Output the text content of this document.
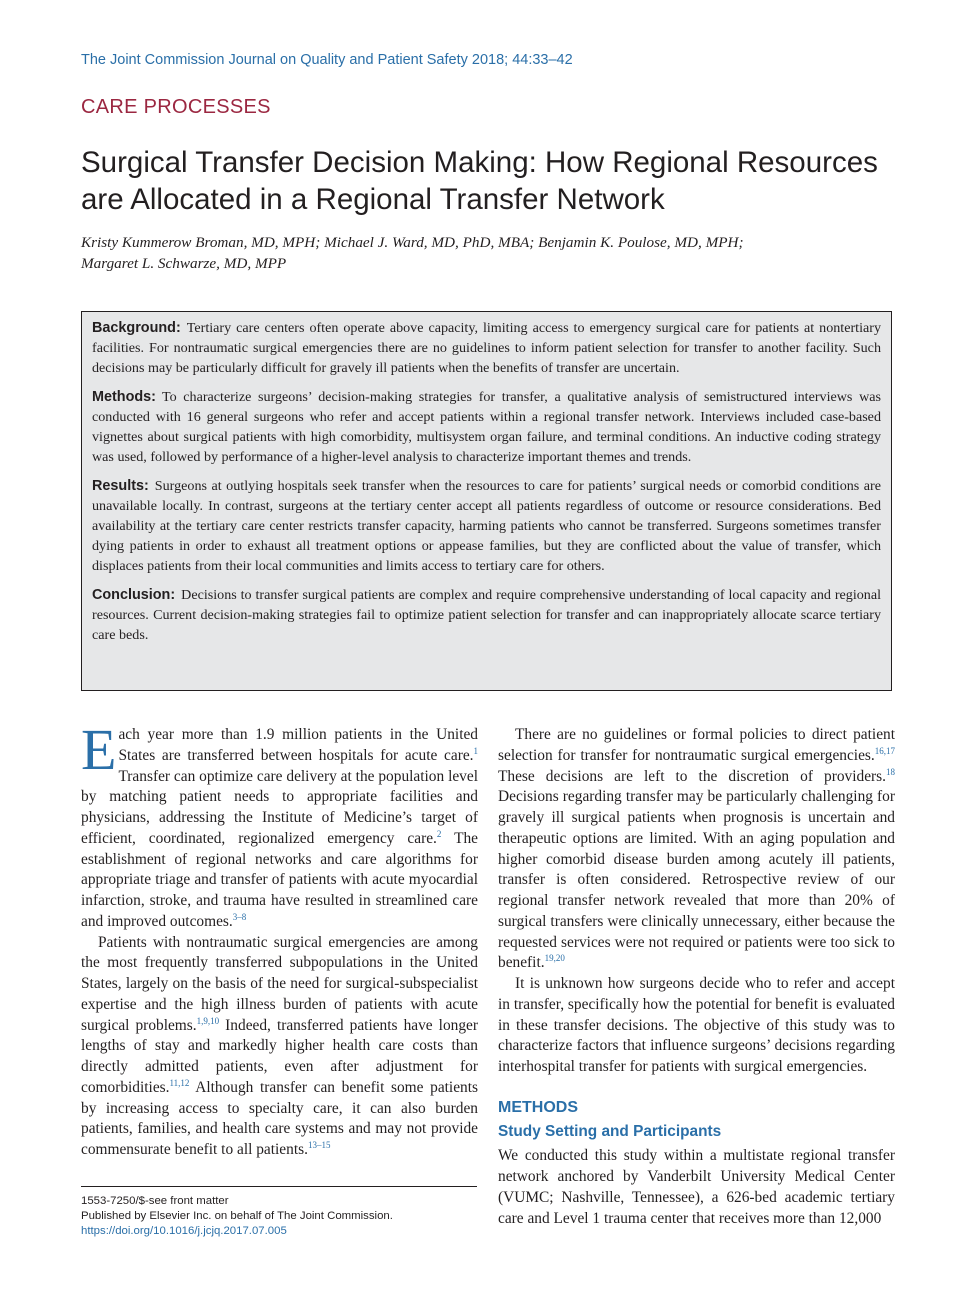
The Joint Commission Journal on Quality and Patient Safety 2018; 44:33–42
CARE PROCESSES
Surgical Transfer Decision Making: How Regional Resources are Allocated in a Regional Transfer Network

Kristy Kummerow Broman, MD, MPH; Michael J. Ward, MD, PhD, MBA; Benjamin K. Poulose, MD, MPH;
Margaret L. Schwarze, MD, MPP

Background: Tertiary care centers often operate above capacity, limiting access to emergency surgical care for patients at nontertiary facilities. For nontraumatic surgical emergencies there are no guidelines to inform patient selection for transfer to another facility. Such decisions may be particularly difficult for gravely ill patients when the benefits of transfer are uncertain.

Methods: To characterize surgeons’ decision-making strategies for transfer, a qualitative analysis of semistructured interviews was conducted with 16 general surgeons who refer and accept patients within a regional transfer network. Interviews included case-based vignettes about surgical patients with high comorbidity, multisystem organ failure, and terminal conditions. An inductive coding strategy was used, followed by performance of a higher-level analysis to characterize important themes and trends.

Results: Surgeons at outlying hospitals seek transfer when the resources to care for patients’ surgical needs or comorbid conditions are unavailable locally. In contrast, surgeons at the tertiary center accept all patients regardless of outcome or resource considerations. Bed availability at the tertiary care center restricts transfer capacity, harming patients who cannot be transferred. Surgeons sometimes transfer dying patients in order to exhaust all treatment options or appease families, but they are conflicted about the value of transfer, which displaces patients from their local communities and limits access to tertiary care for others.

Conclusion: Decisions to transfer surgical patients are complex and require comprehensive understanding of local capacity and regional resources. Current decision-making strategies fail to optimize patient selection for transfer and can inappropriately allocate scarce tertiary care beds.

Each year more than 1.9 million patients in the United States are transferred between hospitals for acute care.$^1$ Transfer can optimize care delivery at the population level by matching patient needs to appropriate facilities and physicians, addressing the Institute of Medicine’s target of efficient, coordinated, regionalized emergency care.$^2$ The establishment of regional networks and care algorithms for appropriate triage and transfer of patients with acute myocardial infarction, stroke, and trauma have resulted in streamlined care and improved outcomes.$^{3-8}$

Patients with nontraumatic surgical emergencies are among the most frequently transferred subpopulations in the United States, largely on the basis of the need for surgical-subspecialist expertise and the high illness burden of patients with acute surgical problems.$^{1,9,10}$ Indeed, transferred patients have longer lengths of stay and markedly higher health care costs than directly admitted patients, even after adjustment for comorbidities.$^{11,12}$ Although transfer can benefit some patients by increasing access to specialty care, it can also burden patients, families, and health care systems and may not provide commensurate benefit to all patients.$^{13-15}$

There are no guidelines or formal policies to direct patient selection for transfer for nontraumatic surgical emergencies.$^{16,17}$ These decisions are left to the discretion of providers.$^{18}$ Decisions regarding transfer may be particularly challenging for gravely ill surgical patients when prognosis is uncertain and therapeutic options are limited. With an aging population and higher comorbid disease burden among acutely ill patients, transfer is often considered. Retrospective review of our regional transfer network revealed that more than 20% of surgical transfers were clinically unnecessary, either because the requested services were not required or patients were too sick to benefit.$^{19,20}$

It is unknown how surgeons decide who to refer and accept in transfer, specifically how the potential for benefit is evaluated in these transfer decisions. The objective of this study was to characterize factors that influence surgeons’ decisions regarding interhospital transfer for patients with surgical emergencies.

METHODS
Study Setting and Participants

We conducted this study within a multistate regional transfer network anchored by Vanderbilt University Medical Center (VUMC; Nashville, Tennessee), a 626-bed academic tertiary care and Level 1 trauma center that receives more than 12,000

1553-7250/$-see front matter
Published by Elsevier Inc. on behalf of The Joint Commission.
https://doi.org/10.1016/j.jcjq.2017.07.005
